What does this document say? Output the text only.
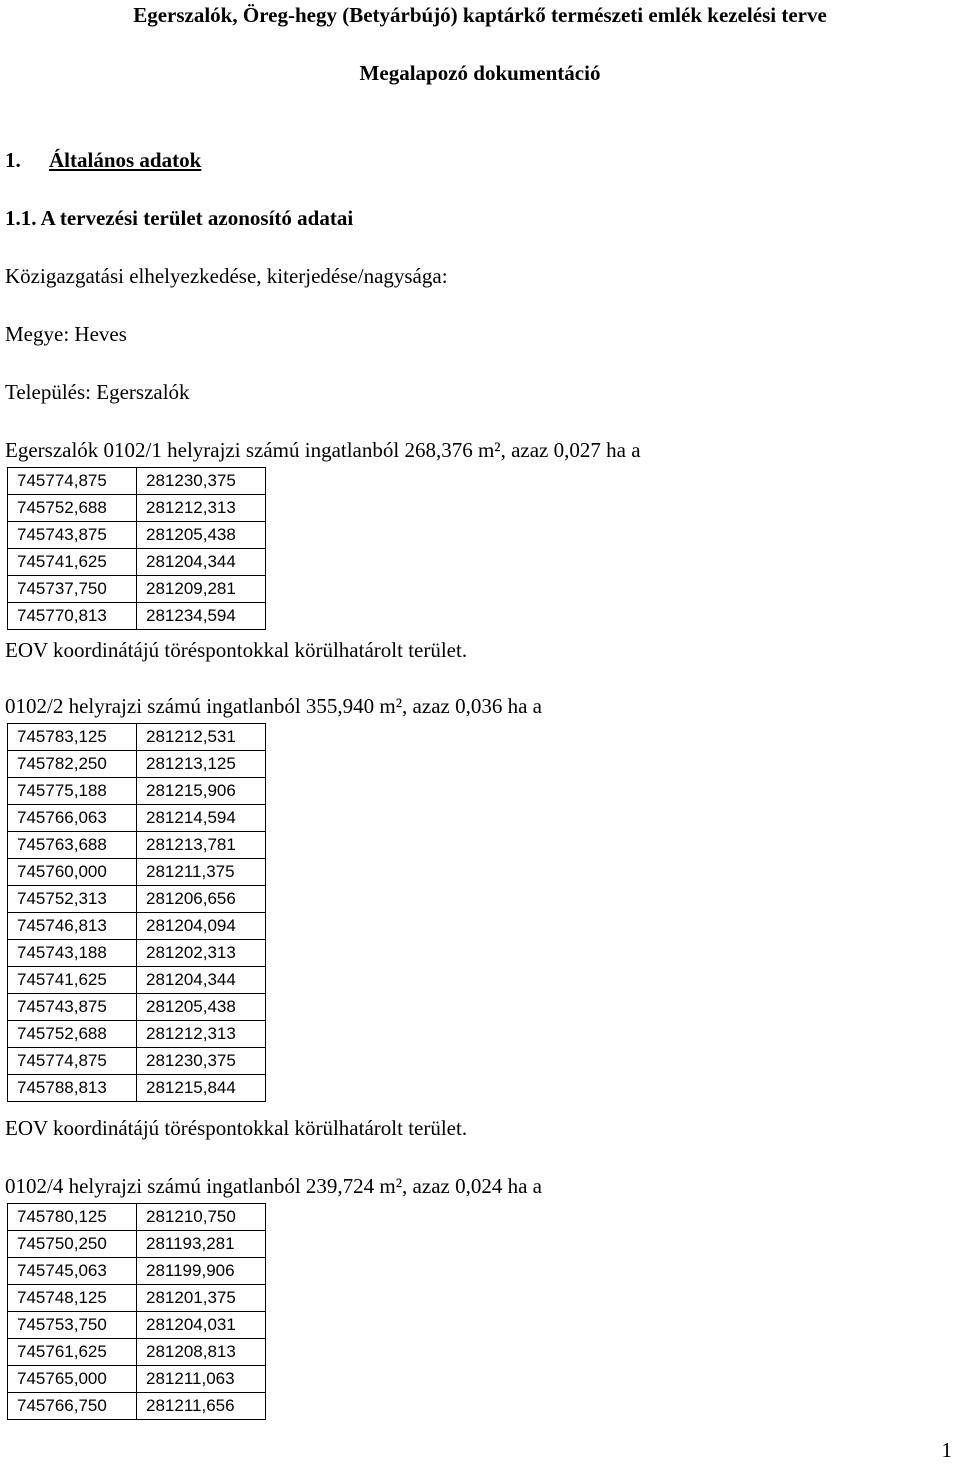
Egerszalók, Öreg-hegy (Betyárbújó) kaptárkő természeti emlék kezelési terve
Megalapozó dokumentáció
1. Általános adatok
1.1. A tervezési terület azonosító adatai
Közigazgatási elhelyezkedése, kiterjedése/nagysága:
Megye: Heves
Település: Egerszalók
Egerszalók 0102/1 helyrajzi számú ingatlanból 268,376 m², azaz 0,027 ha a
745774,875	281230,375
745752,688	281212,313
745743,875	281205,438
745741,625	281204,344
745737,750	281209,281
745770,813	281234,594
EOV koordinátájú töréspontokkal körülhatárolt terület.
0102/2 helyrajzi számú ingatlanból 355,940 m², azaz 0,036 ha a
745783,125	281212,531
745782,250	281213,125
745775,188	281215,906
745766,063	281214,594
745763,688	281213,781
745760,000	281211,375
745752,313	281206,656
745746,813	281204,094
745743,188	281202,313
745741,625	281204,344
745743,875	281205,438
745752,688	281212,313
745774,875	281230,375
745788,813	281215,844
EOV koordinátájú töréspontokkal körülhatárolt terület.
0102/4 helyrajzi számú ingatlanból 239,724 m², azaz 0,024 ha a
745780,125	281210,750
745750,250	281193,281
745745,063	281199,906
745748,125	281201,375
745753,750	281204,031
745761,625	281208,813
745765,000	281211,063
745766,750	281211,656
1
